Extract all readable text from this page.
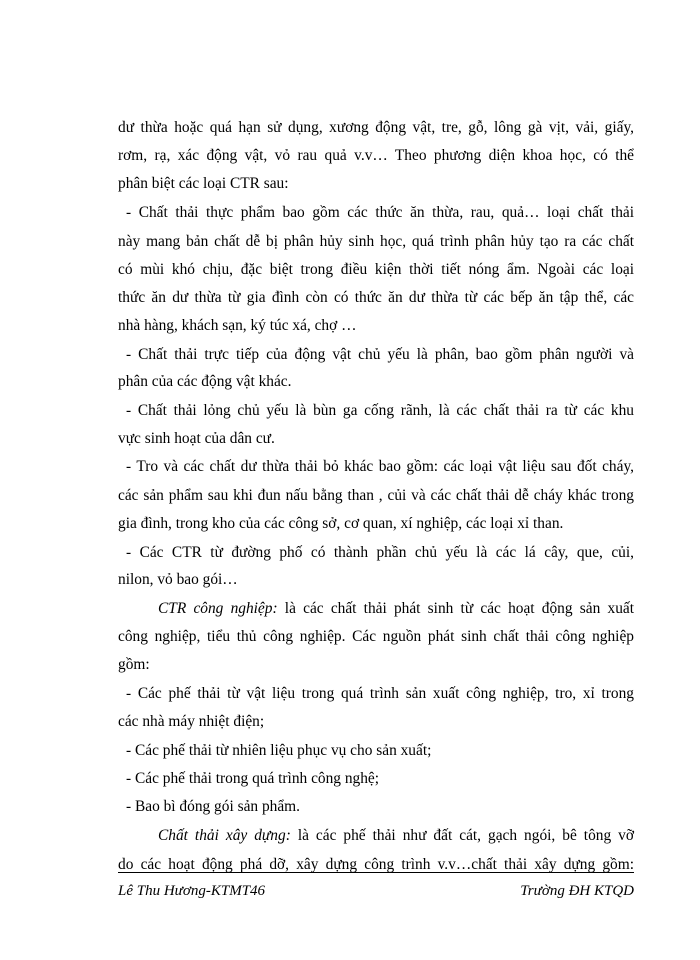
dư thừa hoặc quá hạn sử dụng, xương động vật, tre, gỗ, lông gà vịt, vải, giấy,
rơm, rạ, xác động vật, vỏ rau quả v.v… Theo phương diện khoa học, có thể
phân biệt các loại CTR sau:
- Chất thải thực phẩm bao gồm các thức ăn thừa, rau, quả… loại chất thải
này mang bản chất dễ bị phân hủy sinh học, quá trình phân hủy tạo ra các chất
có mùi khó chịu, đặc biệt trong điều kiện thời tiết nóng ẩm. Ngoài các loại
thức ăn dư thừa từ gia đình còn có thức ăn dư thừa từ các bếp ăn tập thể, các
nhà hàng, khách sạn, ký túc xá, chợ …
- Chất thải trực tiếp của động vật chủ yếu là phân, bao gồm phân người và
phân của các động vật khác.
- Chất thải lỏng chủ yếu là bùn ga cống rãnh, là các chất thải ra từ các khu
vực sinh hoạt của dân cư.
- Tro và các chất dư thừa thải bỏ khác bao gồm: các loại vật liệu sau đốt cháy,
các sản phẩm sau khi đun nấu bằng than , củi và các chất thải dễ cháy khác trong
gia đình, trong kho của các công sở, cơ quan, xí nghiệp, các loại xỉ than.
- Các CTR từ đường phố có thành phần chủ yếu là các lá cây, que, củi,
nilon, vỏ bao gói…
CTR công nghiệp: là các chất thải phát sinh từ các hoạt động sản xuất
công nghiệp, tiểu thủ công nghiệp. Các nguồn phát sinh chất thải công nghiệp
gồm:
- Các phế thải từ vật liệu trong quá trình sản xuất công nghiệp, tro, xỉ trong
các nhà máy nhiệt điện;
- Các phế thải từ nhiên liệu phục vụ cho sản xuất;
- Các phế thải trong quá trình công nghệ;
- Bao bì đóng gói sản phẩm.
Chất thải xây dựng: là các phế thải như đất cát, gạch ngói, bê tông vỡ
do các hoạt động phá dỡ, xây dựng công trình v.v…chất thải xây dựng gồm:
Lê Thu Hương-KTMT46	Trường ĐH KTQD
